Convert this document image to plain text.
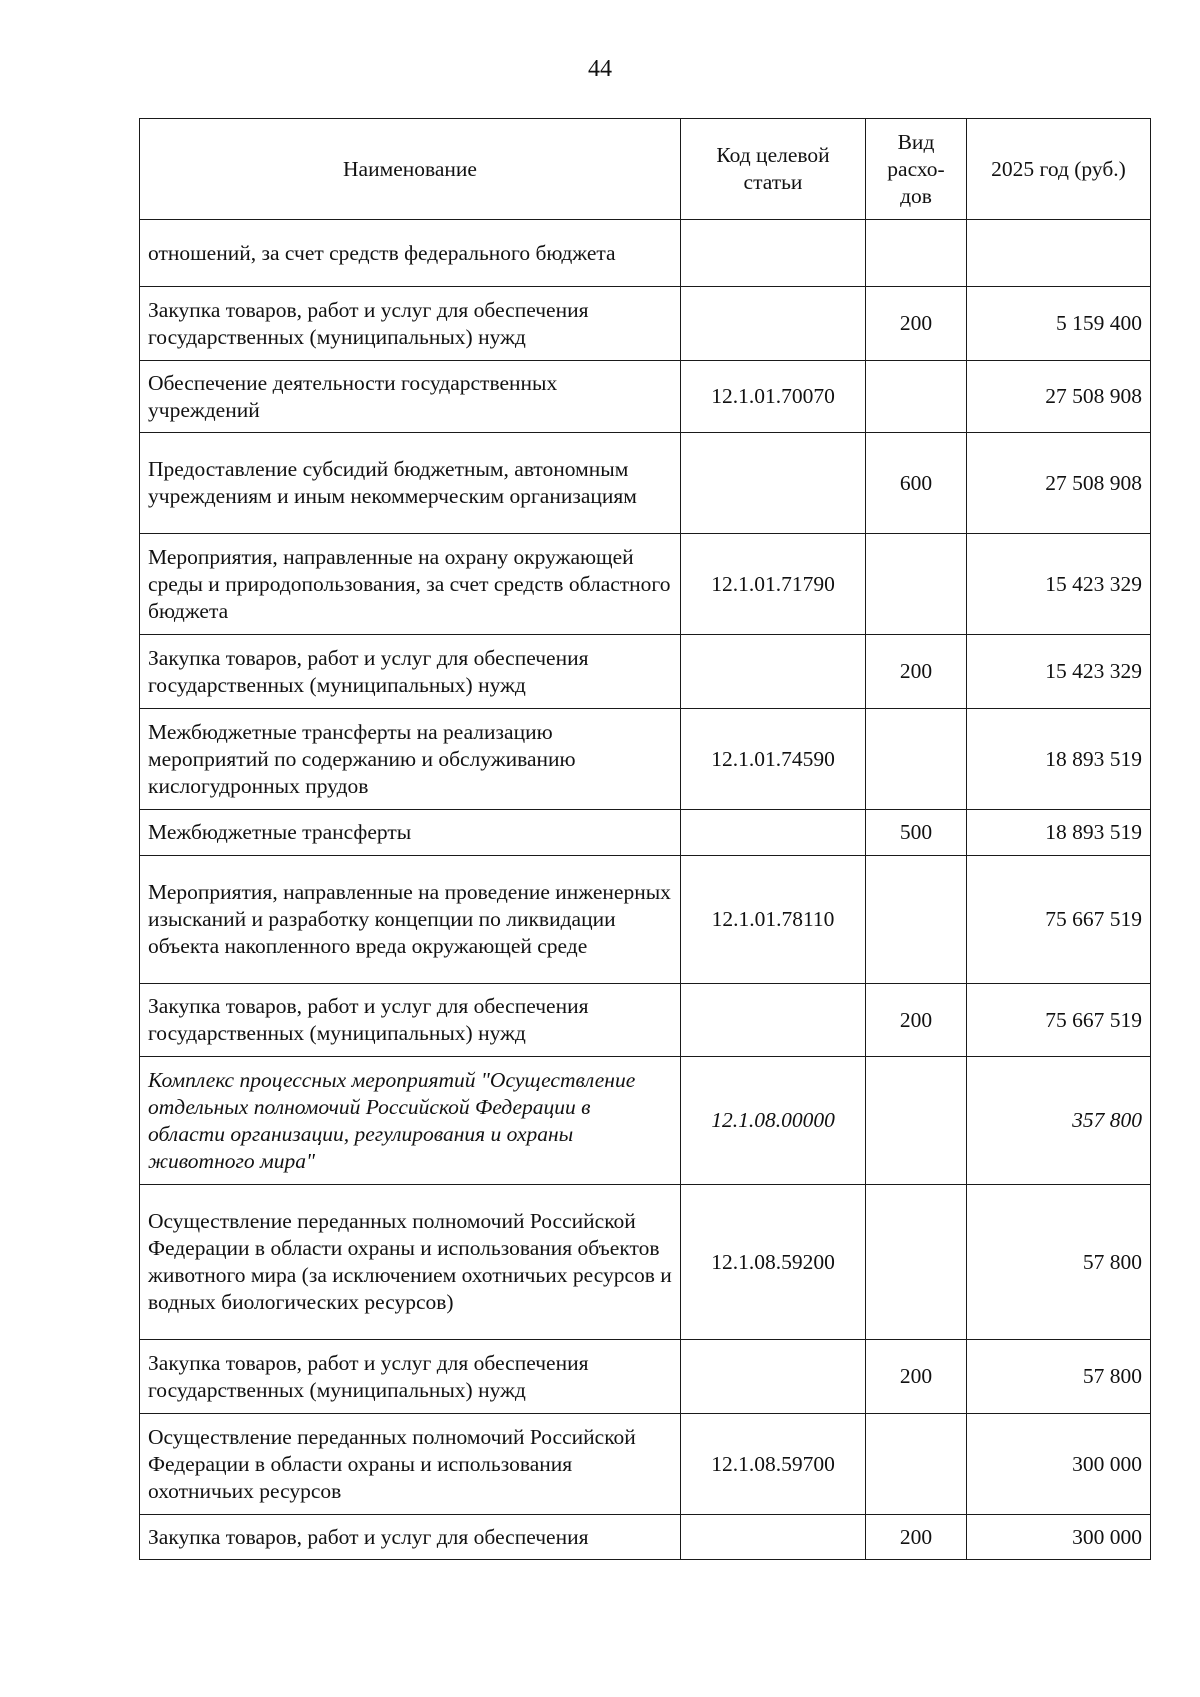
44
Наименование	Код целевой статьи	Вид расхо-дов	2025 год (руб.)
отношений, за счет средств федерального бюджета			
Закупка товаров, работ и услуг для обеспечения государственных (муниципальных) нужд		200	5 159 400
Обеспечение деятельности государственных учреждений	12.1.01.70070		27 508 908
Предоставление субсидий бюджетным, автономным учреждениям и иным некоммерческим организациям		600	27 508 908
Мероприятия, направленные на охрану окружающей среды и природопользования, за счет средств областного бюджета	12.1.01.71790		15 423 329
Закупка товаров, работ и услуг для обеспечения государственных (муниципальных) нужд		200	15 423 329
Межбюджетные трансферты на реализацию мероприятий по содержанию и обслуживанию кислогудронных прудов	12.1.01.74590		18 893 519
Межбюджетные трансферты		500	18 893 519
Мероприятия, направленные на проведение инженерных изысканий и разработку концепции по ликвидации объекта накопленного вреда окружающей среде	12.1.01.78110		75 667 519
Закупка товаров, работ и услуг для обеспечения государственных (муниципальных) нужд		200	75 667 519
Комплекс процессных мероприятий "Осуществление отдельных полномочий Российской Федерации в области организации, регулирования и охраны животного мира"	12.1.08.00000		357 800
Осуществление переданных полномочий Российской Федерации в области охраны и использования объектов животного мира (за исключением охотничьих ресурсов и водных биологических ресурсов)	12.1.08.59200		57 800
Закупка товаров, работ и услуг для обеспечения государственных (муниципальных) нужд		200	57 800
Осуществление переданных полномочий Российской Федерации в области охраны и использования охотничьих ресурсов	12.1.08.59700		300 000
Закупка товаров, работ и услуг для обеспечения		200	300 000
